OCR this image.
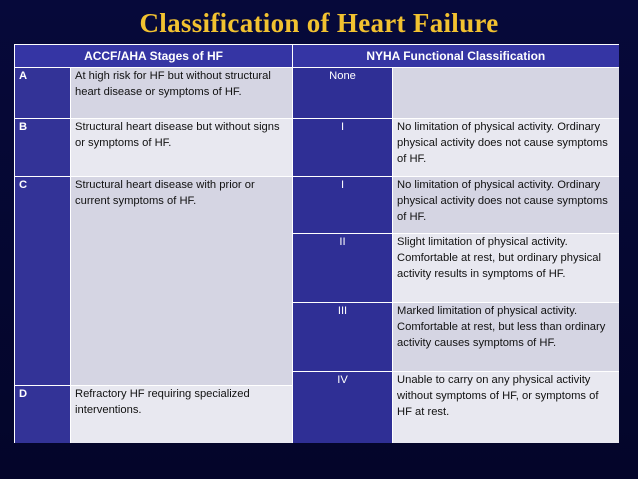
Classification of Heart Failure
ACCF/AHA Stages of HF		NYHA Functional Classification	
A	At high risk for HF but without structural heart disease or symptoms of HF.	None	
B	Structural heart disease but without signs or symptoms of HF.	I	No limitation of physical activity. Ordinary physical activity does not cause symptoms of HF.
C	Structural heart disease with prior or current symptoms of HF.	I	No limitation of physical activity. Ordinary physical activity does not cause symptoms of HF.
		II	Slight limitation of physical activity. Comfortable at rest, but ordinary physical activity results in symptoms of HF.
		III	Marked limitation of physical activity. Comfortable at rest, but less than ordinary activity causes symptoms of HF.
		IV	Unable to carry on any physical activity without symptoms of HF, or symptoms of HF at rest.
D	Refractory HF requiring specialized interventions.		
